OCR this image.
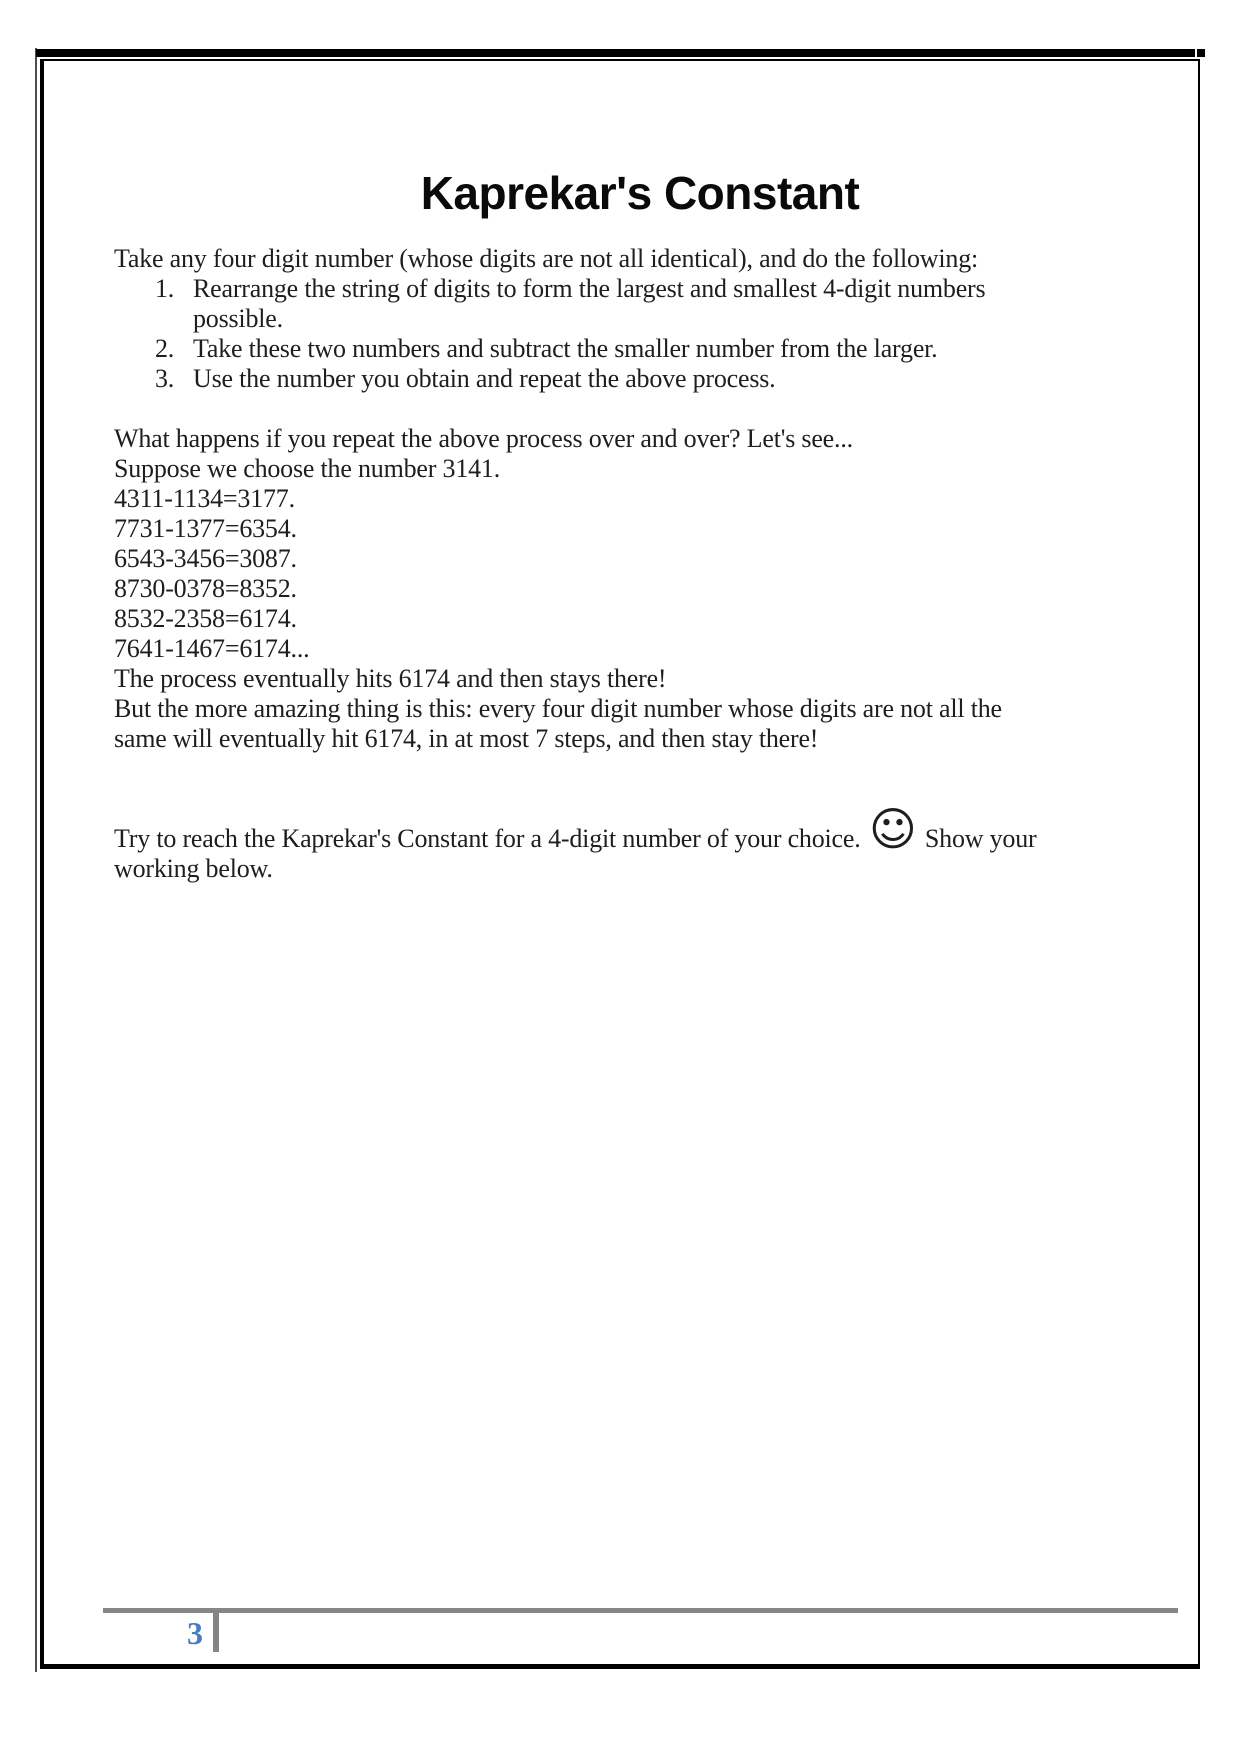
Kaprekar's Constant

Take any four digit number (whose digits are not all identical), and do the following:

1. Rearrange the string of digits to form the largest and smallest 4-digit numbers
possible.
2. Take these two numbers and subtract the smaller number from the larger.
3. Use the number you obtain and repeat the above process.
What happens if you repeat the above process over and over? Let's see...
Suppose we choose the number 3141.
4311-1134=3177.
7731-1377=6354.
6543-3456=3087.
8730-0378=8352.
8532-2358=6174.
7641-1467=6174...
The process eventually hits 6174 and then stays there!
But the more amazing thing is this: every four digit number whose digits are not all the
same will eventually hit 6174, in at most 7 steps, and then stay there!
Try to reach the Kaprekar's Constant for a 4-digit number of your choice. ☺ Show your
working below.
3
